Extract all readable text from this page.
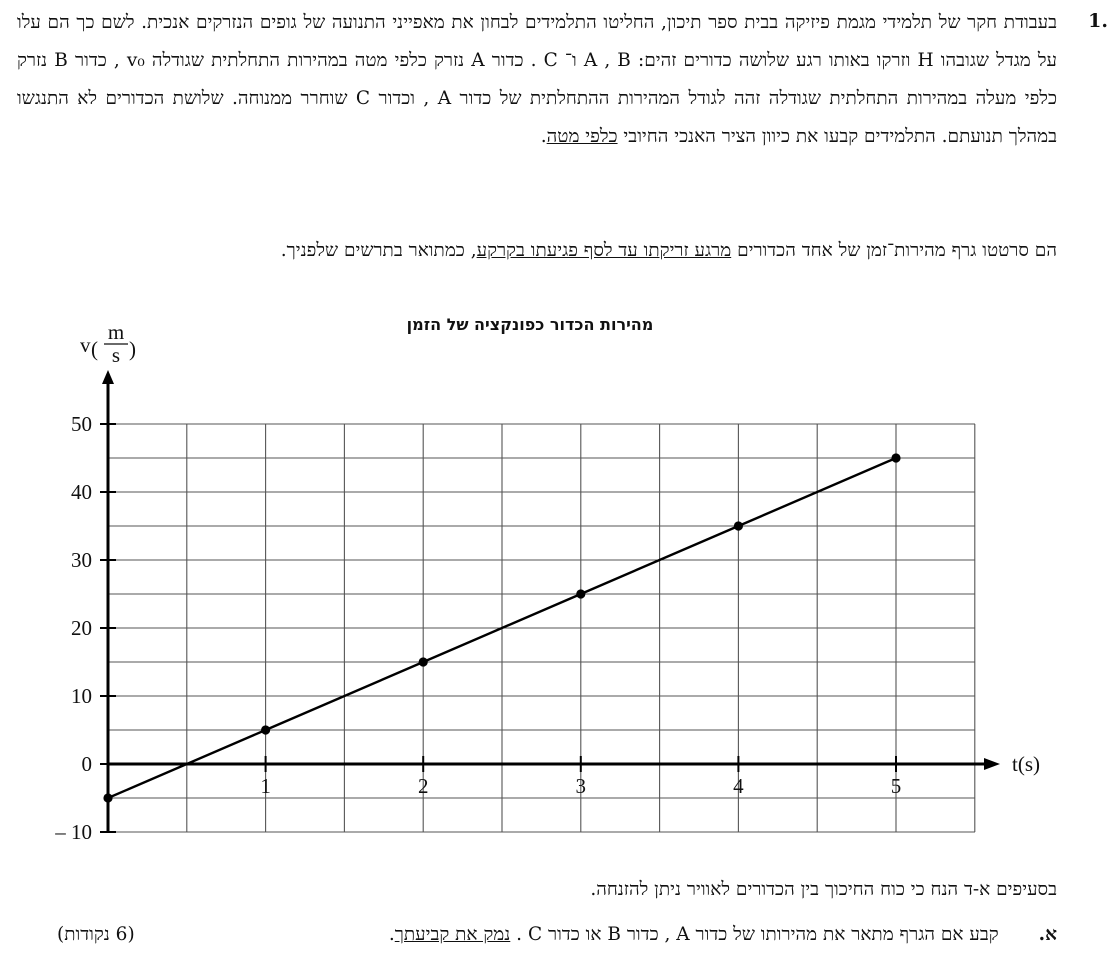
.1
בעבודת חקר של תלמידי מגמת פיזיקה בבית ספר תיכון, החליטו התלמידים לבחון את מאפייני התנועה של גופים הנזרקים אנכית. לשם כך הם עלו על מגדל שגובהו H וזרקו באותו רגע שלושה כדורים זהים: A , B ו־ C . כדור A נזרק כלפי מטה במהירות התחלתית שגודלה v₀ , כדור B נזרק כלפי מעלה במהירות התחלתית שגודלה זהה לגודל המהירות ההתחלתית של כדור A , וכדור C שוחרר ממנוחה. שלושת הכדורים לא התנגשו במהלך תנועתם. התלמידים קבעו את כיוון הציר האנכי החיובי כלפי מטה.
הם סרטטו גרף מהירות־זמן של אחד הכדורים מרגע זריקתו עד לסף פגיעתו בקרקע, כמתואר בתרשים שלפניך.
מהירות הכדור כפונקציה של הזמן
v (
m
s )
50
40
30
20
10
0
– 10
1	2	3	4	5
t(s)
בסעיפים א-ד הנח כי כוח החיכוך בין הכדורים לאוויר ניתן להזנחה.
א.קבע אם הגרף מתאר את מהירותו של כדור A , כדור B או כדור C . נמק את קביעתך.
(6 נקודות)
